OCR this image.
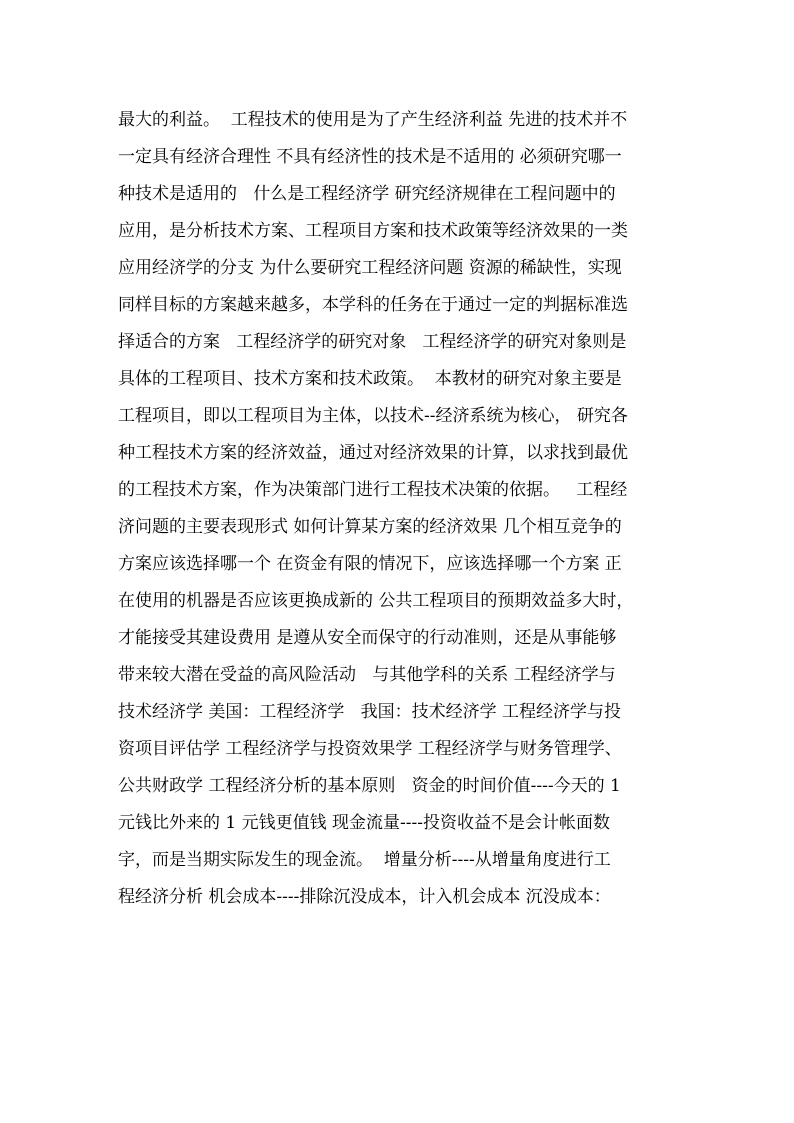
最大的利益。  工程技术的使用是为了产生经济利益 先进的技术并不
一定具有经济合理性 不具有经济性的技术是不适用的 必须研究哪一
种技术是适用的   什么是工程经济学 研究经济规律在工程问题中的
应用，是分析技术方案、工程项目方案和技术政策等经济效果的一类
应用经济学的分支 为什么要研究工程经济问题 资源的稀缺性，实现
同样目标的方案越来越多，本学科的任务在于通过一定的判据标准选
择适合的方案   工程经济学的研究对象   工程经济学的研究对象则是
具体的工程项目、技术方案和技术政策。  本教材的研究对象主要是
工程项目，即以工程项目为主体，以技术--经济系统为核心， 研究各
种工程技术方案的经济效益，通过对经济效果的计算，以求找到最优
的工程技术方案，作为决策部门进行工程技术决策的依据。   工程经
济问题的主要表现形式 如何计算某方案的经济效果 几个相互竞争的
方案应该选择哪一个 在资金有限的情况下，应该选择哪一个方案 正
在使用的机器是否应该更换成新的 公共工程项目的预期效益多大时，
才能接受其建设费用 是遵从安全而保守的行动准则，还是从事能够
带来较大潜在受益的高风险活动   与其他学科的关系 工程经济学与
技术经济学 美国：工程经济学   我国：技术经济学 工程经济学与投
资项目评估学 工程经济学与投资效果学 工程经济学与财务管理学、
公共财政学 工程经济分析的基本原则   资金的时间价值----今天的 1
元钱比外来的 1 元钱更值钱 现金流量----投资收益不是会计帐面数
字，而是当期实际发生的现金流。  增量分析----从增量角度进行工
程经济分析 机会成本----排除沉没成本，计入机会成本 沉没成本：
